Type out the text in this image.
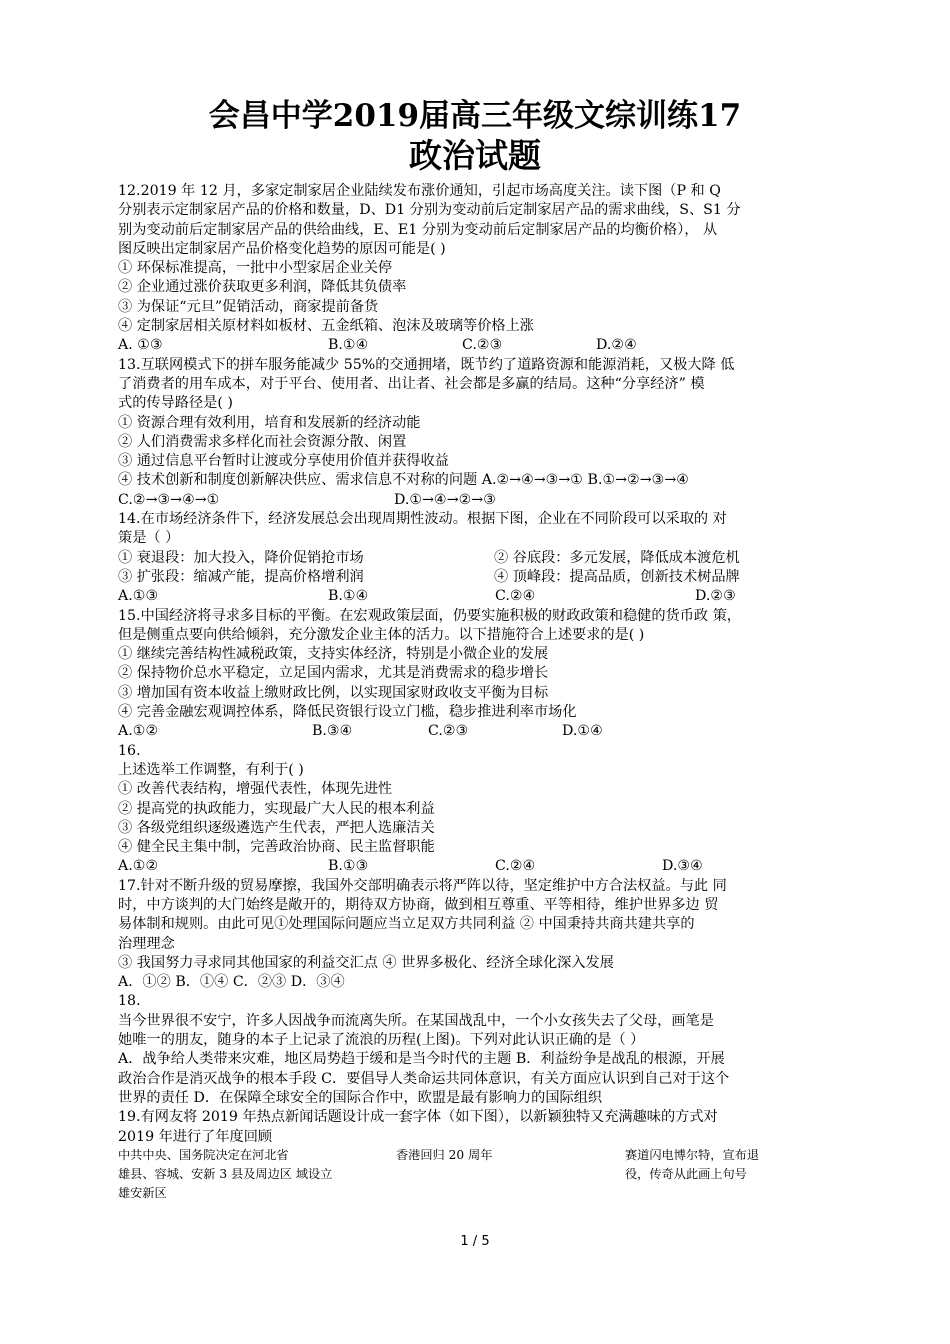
会昌中学2019届高三年级文综训练17
政治试题
12.2019 年 12 月，多家定制家居企业陆续发布涨价通知，引起市场高度关注。读下图（P 和 Q
分别表示定制家居产品的价格和数量，D、D1 分别为变动前后定制家居产品的需求曲线，S、S1 分
别为变动前后定制家居产品的供给曲线，E、E1 分别为变动前后定制家居产品的均衡价格）， 从
图反映出定制家居产品价格变化趋势的原因可能是( )
① 环保标准提高，一批中小型家居企业关停
② 企业通过涨价获取更多利润，降低其负债率
③ 为保证“元旦”促销活动，商家提前备货
④ 定制家居相关原材料如板材、五金纸箱、泡沫及玻璃等价格上涨
A. ①③	B.①④	C.②③	D.②④
13.互联网模式下的拼车服务能减少 55%的交通拥堵，既节约了道路资源和能源消耗，又极大降 低
了消费者的用车成本，对于平台、使用者、出让者、社会都是多赢的结局。这种“分享经济” 模
式的传导路径是( )
① 资源合理有效利用，培育和发展新的经济动能
② 人们消费需求多样化而社会资源分散、闲置
③ 通过信息平台暂时让渡或分享使用价值并获得收益
④ 技术创新和制度创新解决供应、需求信息不对称的问题 A.②→④→③→① B.①→②→③→④
C.②→③→④→①	D.①→④→②→③
14.在市场经济条件下，经济发展总会出现周期性波动。根据下图，企业在不同阶段可以采取的 对
策是（ ）
① 衰退段：加大投入，降价促销抢市场	② 谷底段：多元发展，降低成本渡危机
③ 扩张段：缩减产能，提高价格增利润	④ 顶峰段：提高品质，创新技术树品牌
A.①③	B.①④	C.②④	D.②③
15.中国经济将寻求多目标的平衡。在宏观政策层面，仍要实施积极的财政政策和稳健的货币政 策，
但是侧重点要向供给倾斜，充分激发企业主体的活力。以下措施符合上述要求的是( )
① 继续完善结构性减税政策，支持实体经济，特别是小微企业的发展
② 保持物价总水平稳定，立足国内需求，尤其是消费需求的稳步增长
③ 增加国有资本收益上缴财政比例，以实现国家财政收支平衡为目标
④ 完善金融宏观调控体系，降低民资银行设立门槛，稳步推进利率市场化
A.①②	B.③④	C.②③	D.①④
16.
上述选举工作调整，有利于( )
① 改善代表结构，增强代表性，体现先进性
② 提高党的执政能力，实现最广大人民的根本利益
③ 各级党组织逐级遴选产生代表，严把人选廉洁关
④ 健全民主集中制，完善政治协商、民主监督职能
A.①②	B.①③	C.②④	D.③④
17.针对不断升级的贸易摩擦，我国外交部明确表示将严阵以待，坚定维护中方合法权益。与此 同
时，中方谈判的大门始终是敞开的，期待双方协商，做到相互尊重、平等相待，维护世界多边 贸
易体制和规则。由此可见①处理国际问题应当立足双方共同利益 ② 中国秉持共商共建共享的
治理理念
③ 我国努力寻求同其他国家的利益交汇点 ④ 世界多极化、经济全球化深入发展
A．①② B．①④ C．②③ D．③④
18.
当今世界很不安宁，许多人因战争而流离失所。在某国战乱中，一个小女孩失去了父母，画笔是
她唯一的朋友，随身的本子上记录了流浪的历程(上图)。下列对此认识正确的是（ ）
A．战争给人类带来灾难，地区局势趋于缓和是当今时代的主题 B．利益纷争是战乱的根源，开展
政治合作是消灭战争的根本手段 C．要倡导人类命运共同体意识，有关方面应认识到自己对于这个
世界的责任 D．在保障全球安全的国际合作中，欧盟是最有影响力的国际组织
19.有网友将 2019 年热点新闻话题设计成一套字体（如下图），以新颖独特又充满趣味的方式对
2019 年进行了年度回顾
中共中央、国务院决定在河北省	香港回归 20 周年	赛道闪电博尔特，宣布退
雄县、容城、安新 3 县及周边区 域设立	役，传奇从此画上句号
雄安新区
1 / 5
